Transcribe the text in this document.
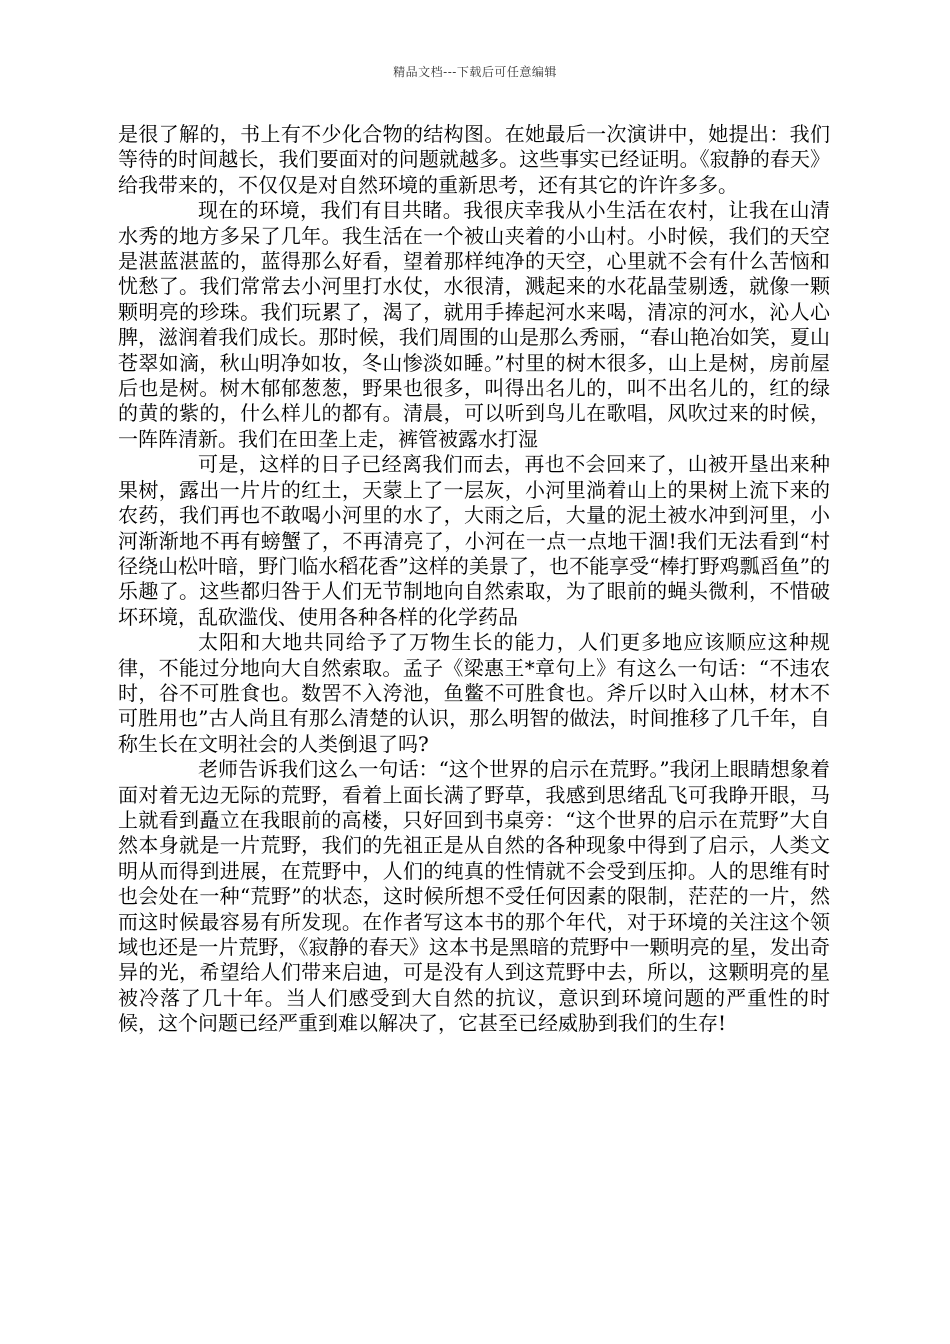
精品文档---下载后可任意编辑

是很了解的，书上有不少化合物的结构图。在她最后一次演讲中，她提出：我们等待的时间越长，我们要面对的问题就越多。这些事实已经证明。《寂静的春天》给我带来的，不仅仅是对自然环境的重新思考，还有其它的许许多多。

现在的环境，我们有目共睹。我很庆幸我从小生活在农村，让我在山清水秀的地方多呆了几年。我生活在一个被山夹着的小山村。小时候，我们的天空是湛蓝湛蓝的，蓝得那么好看，望着那样纯净的天空，心里就不会有什么苦恼和忧愁了。我们常常去小河里打水仗，水很清，溅起来的水花晶莹剔透，就像一颗颗明亮的珍珠。我们玩累了，渴了，就用手捧起河水来喝，清凉的河水，沁人心脾，滋润着我们成长。那时候，我们周围的山是那么秀丽，“春山艳冶如笑，夏山苍翠如滴，秋山明净如妆，冬山惨淡如睡。”村里的树木很多，山上是树，房前屋后也是树。树木郁郁葱葱，野果也很多，叫得出名儿的，叫不出名儿的，红的绿的黄的紫的，什么样儿的都有。清晨，可以听到鸟儿在歌唱，风吹过来的时候，一阵阵清新。我们在田垄上走，裤管被露水打湿

可是，这样的日子已经离我们而去，再也不会回来了，山被开垦出来种果树，露出一片片的红土，天蒙上了一层灰，小河里淌着山上的果树上流下来的农药，我们再也不敢喝小河里的水了，大雨之后，大量的泥土被水冲到河里，小河渐渐地不再有螃蟹了，不再清亮了，小河在一点一点地干涸!我们无法看到“村径绕山松叶暗，野门临水稻花香”这样的美景了，也不能享受“棒打野鸡瓢舀鱼”的乐趣了。这些都归咎于人们无节制地向自然索取，为了眼前的蝇头微利，不惜破坏环境，乱砍滥伐、使用各种各样的化学药品

太阳和大地共同给予了万物生长的能力，人们更多地应该顺应这种规律，不能过分地向大自然索取。孟子《梁惠王*章句上》有这么一句话：“不违农时，谷不可胜食也。数罟不入洿池，鱼鳖不可胜食也。斧斤以时入山林，材木不可胜用也”古人尚且有那么清楚的认识，那么明智的做法，时间推移了几千年，自称生长在文明社会的人类倒退了吗?

老师告诉我们这么一句话：“这个世界的启示在荒野。”我闭上眼睛想象着面对着无边无际的荒野，看着上面长满了野草，我感到思绪乱飞可我睁开眼，马上就看到矗立在我眼前的高楼，只好回到书桌旁：“这个世界的启示在荒野”大自然本身就是一片荒野，我们的先祖正是从自然的各种现象中得到了启示，人类文明从而得到进展，在荒野中，人们的纯真的性情就不会受到压抑。人的思维有时也会处在一种“荒野”的状态，这时候所想不受任何因素的限制，茫茫的一片，然而这时候最容易有所发现。在作者写这本书的那个年代，对于环境的关注这个领域也还是一片荒野，《寂静的春天》这本书是黑暗的荒野中一颗明亮的星，发出奇异的光，希望给人们带来启迪，可是没有人到这荒野中去，所以，这颗明亮的星被冷落了几十年。当人们感受到大自然的抗议，意识到环境问题的严重性的时候，这个问题已经严重到难以解决了，它甚至已经威胁到我们的生存!
